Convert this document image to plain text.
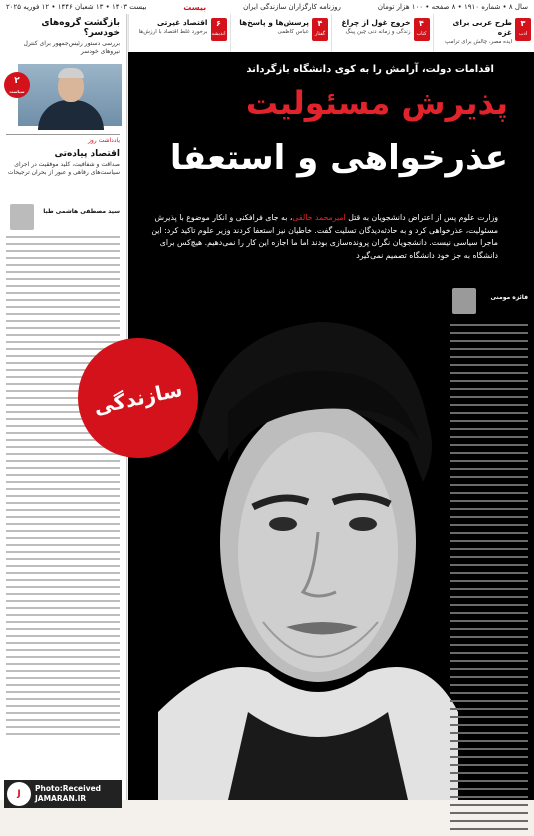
سال ۸ • شماره ۱۹۱۰ • ۸ صفحه • ۱۰۰ هزار تومان
روزنامه کارگزاران سازندگی ایران
بیست
بیست ۱۴۰۳ • ۱۳ شعبان ۱۴۴۶ • ۱۲ فوریه ۲۰۲۵
۳
ادب
طرح عربی برای غزه
ایده مصر، چالش برای ترامپ
۴
کتاب
خروج غول از چراغ
زندگی و زمانه دنی چین پینگ
۴
گفتار
پرسش‌ها و پاسخ‌ها
عباس کاظمی
۶
اندیشه
اقتصاد غیرتی
برخورد غلط اقتصاد با ارزش‌ها
بازگشت گروه‌های خودسر؟
بررسی دستور رئیس‌جمهور برای کنترل نیروهای خودسر
۲
سیاست
یادداشت روز
اقتصاد پیاده‌تی
صداقت و شفافیت، کلید موفقیت در اجرای سیاست‌های رفاهی و عبور از بحران ترجیحات
سید مصطفی هاشمی طبا
J
Photo:Received
JAMARAN.IR
اقدامات دولت، آرامش را به کوی دانشگاه بازگرداند
پذیرش مسئولیت
عذرخواهی و استعفا
وزارت علوم پس از اعتراض دانشجویان به قتل امیرمحمد خالقی، به جای فرافکنی و انکار موضوع با پذیرش مسئولیت، عذرخواهی کرد و به حادثه‌دیدگان تسلیت گفت. خاطیان نیز استعفا کردند وزیر علوم تاکید کرد: این ماجرا سیاسی نیست. دانشجویان نگران پرونده‌سازی بودند اما ما اجازه این کار را نمی‌دهیم. هیچ‌کس برای دانشگاه به جز خود دانشگاه تصمیم نمی‌گیرد
سازندگی
فائزه مومنی
